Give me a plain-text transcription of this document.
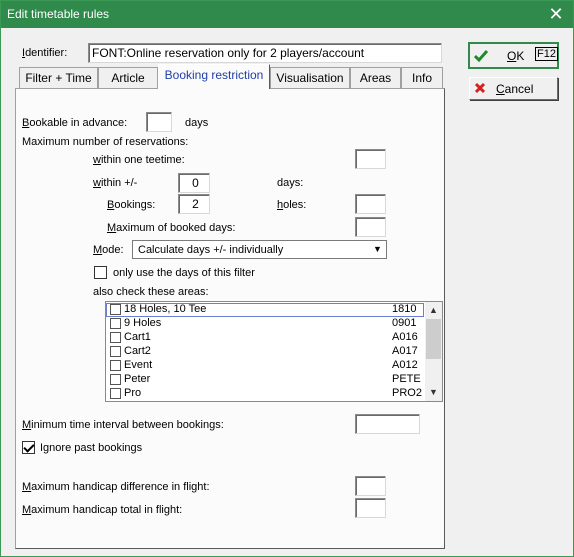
Edit timetable rules	✕
Identifier:	FONT:Online reservation only for 2 players/account	OK F12
Cancel
Filter + Time	Article	Booking restriction	Visualisation	Areas	Info
Bookable in advance:	days
Maximum number of reservations:
within one teetime:
within +/-	0	days:
Bookings:	2	holes:
Maximum of booked days:
Mode: Calculate days +/- individually	▼
only use the days of this filter
also check these areas:
18 Holes, 10 Tee	1810
9 Holes	0901
Cart1	A016
Cart2	A017
Event	A012
Peter	PETE
Pro	PRO2
▲
▼
Minimum time interval between bookings:
Ignore past bookings
Maximum handicap difference in flight:
Maximum handicap total in flight:
